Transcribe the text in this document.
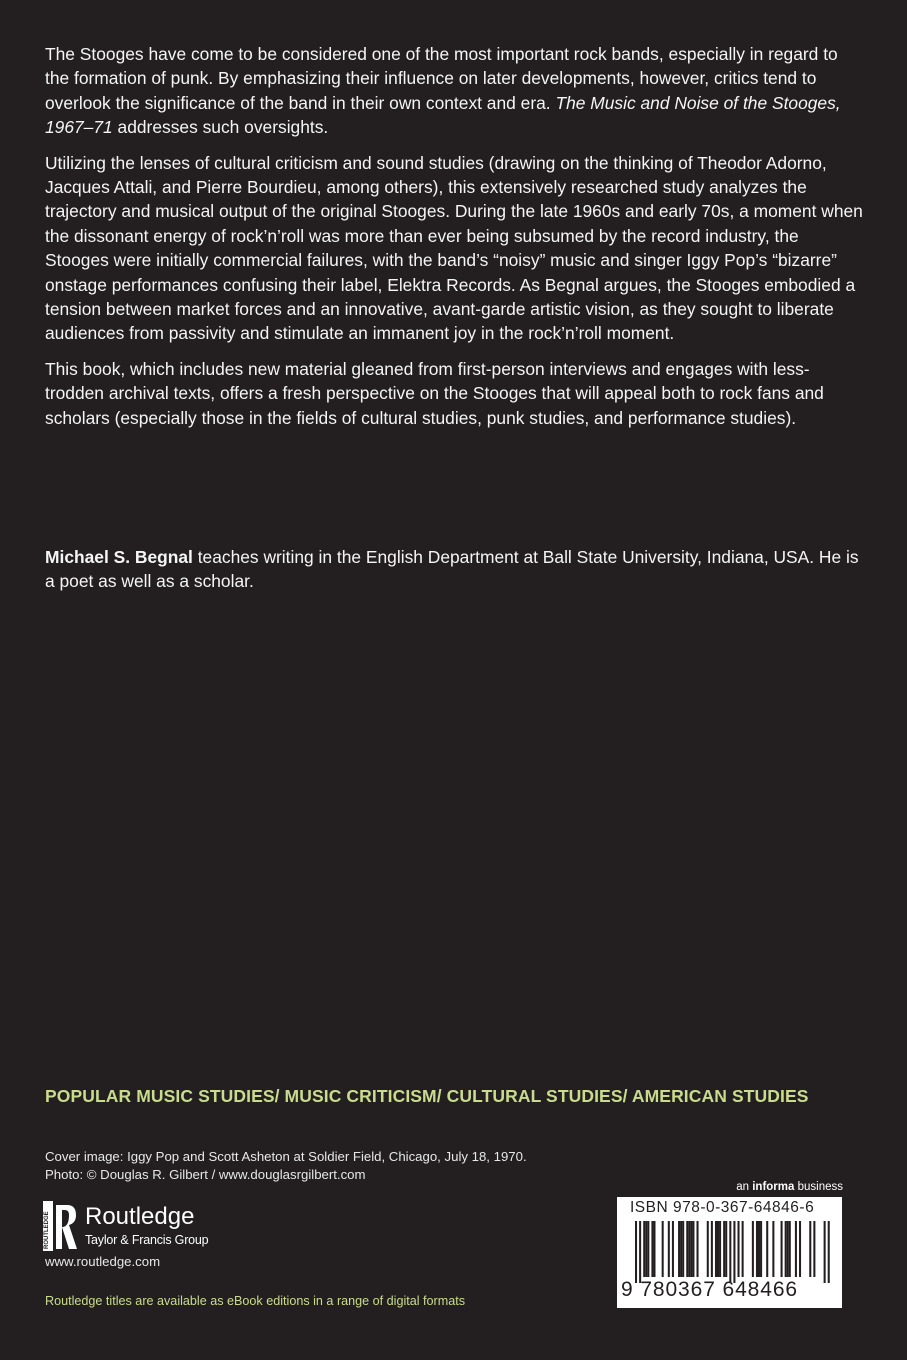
The Stooges have come to be considered one of the most important rock bands, especially in regard to the formation of punk. By emphasizing their influence on later developments, however, critics tend to overlook the significance of the band in their own context and era. The Music and Noise of the Stooges, 1967–71 addresses such oversights.

Utilizing the lenses of cultural criticism and sound studies (drawing on the thinking of Theodor Adorno, Jacques Attali, and Pierre Bourdieu, among others), this extensively researched study analyzes the trajectory and musical output of the original Stooges. During the late 1960s and early 70s, a moment when the dissonant energy of rock’n’roll was more than ever being subsumed by the record industry, the Stooges were initially commercial failures, with the band’s “noisy” music and singer Iggy Pop’s “bizarre” onstage performances confusing their label, Elektra Records. As Begnal argues, the Stooges embodied a tension between market forces and an innovative, avant-garde artistic vision, as they sought to liberate audiences from passivity and stimulate an immanent joy in the rock’n’roll moment.

This book, which includes new material gleaned from first-person interviews and engages with less-trodden archival texts, offers a fresh perspective on the Stooges that will appeal both to rock fans and scholars (especially those in the fields of cultural studies, punk studies, and performance studies).

Michael S. Begnal teaches writing in the English Department at Ball State University, Indiana, USA. He is a poet as well as a scholar.
POPULAR MUSIC STUDIES/ MUSIC CRITICISM/ CULTURAL STUDIES/ AMERICAN STUDIES
Cover image: Iggy Pop and Scott Asheton at Soldier Field, Chicago, July 18, 1970.
Photo: © Douglas R. Gilbert / www.douglasrgilbert.com
ROUTLEDGE Routledge
Taylor & Francis Group
www.routledge.com
Routledge titles are available as eBook editions in a range of digital formats
an informa business
ISBN 978-0-367-64846-6
9 780367 648466
